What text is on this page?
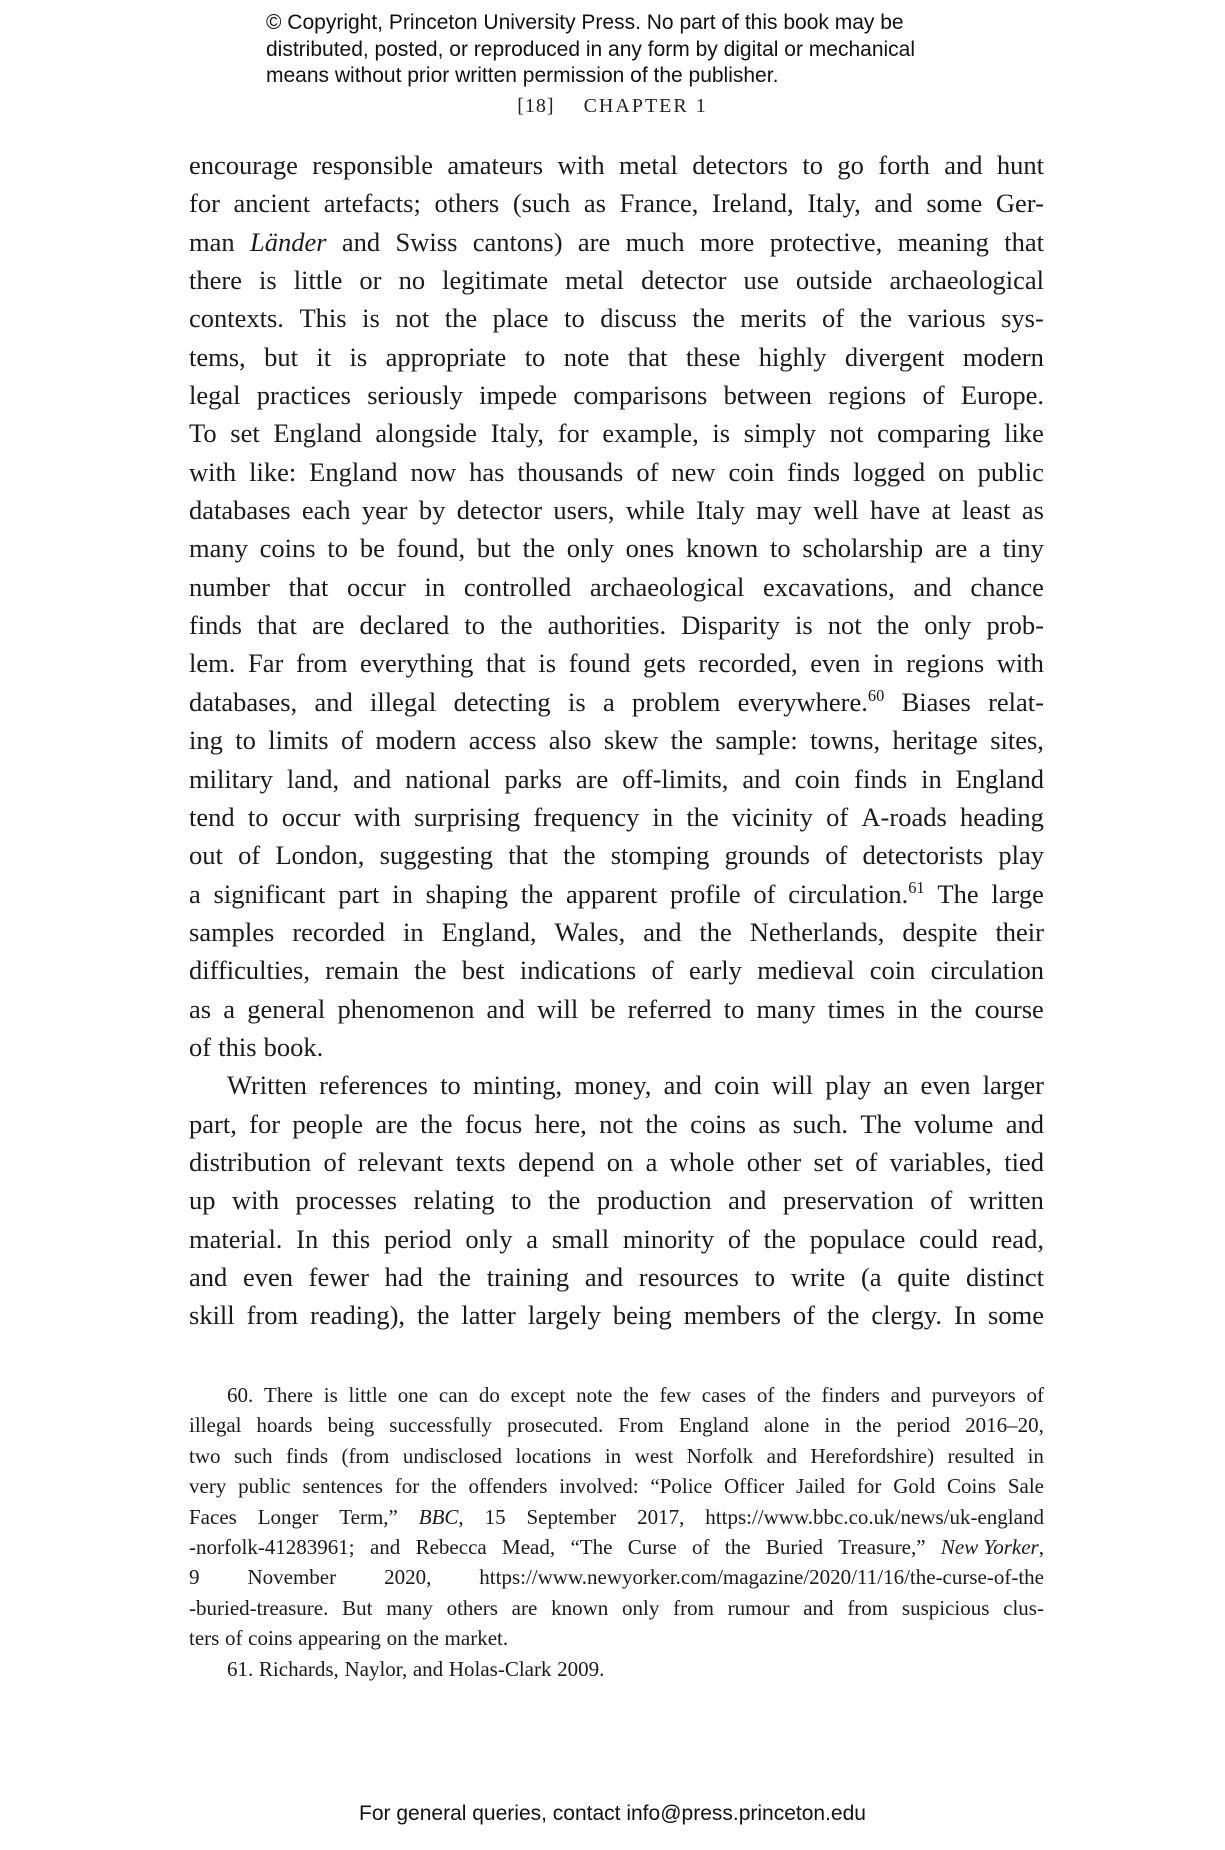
© Copyright, Princeton University Press. No part of this book may be
distributed, posted, or reproduced in any form by digital or mechanical
means without prior written permission of the publisher.
[18] CHAPTER 1
encourage responsible amateurs with metal detectors to go forth and hunt
for ancient artefacts; others (such as France, Ireland, Italy, and some Ger-
man Länder and Swiss cantons) are much more protective, meaning that
there is little or no legitimate metal detector use outside archaeological
contexts. This is not the place to discuss the merits of the various sys-
tems, but it is appropriate to note that these highly divergent modern
legal practices seriously impede comparisons between regions of Europe.
To set England alongside Italy, for example, is simply not comparing like
with like: England now has thousands of new coin finds logged on public
databases each year by detector users, while Italy may well have at least as
many coins to be found, but the only ones known to scholarship are a tiny
number that occur in controlled archaeological excavations, and chance
finds that are declared to the authorities. Disparity is not the only prob-
lem. Far from everything that is found gets recorded, even in regions with
databases, and illegal detecting is a problem everywhere.$^{60}$ Biases relat-
ing to limits of modern access also skew the sample: towns, heritage sites,
military land, and national parks are off-limits, and coin finds in England
tend to occur with surprising frequency in the vicinity of A-roads heading
out of London, suggesting that the stomping grounds of detectorists play
a significant part in shaping the apparent profile of circulation.$^{61}$ The large
samples recorded in England, Wales, and the Netherlands, despite their
difficulties, remain the best indications of early medieval coin circulation
as a general phenomenon and will be referred to many times in the course
of this book.
Written references to minting, money, and coin will play an even larger
part, for people are the focus here, not the coins as such. The volume and
distribution of relevant texts depend on a whole other set of variables, tied
up with processes relating to the production and preservation of written
material. In this period only a small minority of the populace could read,
and even fewer had the training and resources to write (a quite distinct
skill from reading), the latter largely being members of the clergy. In some
60. There is little one can do except note the few cases of the finders and purveyors of
illegal hoards being successfully prosecuted. From England alone in the period 2016–20,
two such finds (from undisclosed locations in west Norfolk and Herefordshire) resulted in
very public sentences for the offenders involved: “Police Officer Jailed for Gold Coins Sale
Faces Longer Term,” BBC, 15 September 2017, https://www.bbc.co.uk/news/uk-england
-norfolk-41283961; and Rebecca Mead, “The Curse of the Buried Treasure,” New Yorker,
9 November 2020, https://www.newyorker.com/magazine/2020/11/16/the-curse-of-the
-buried-treasure. But many others are known only from rumour and from suspicious clus-
ters of coins appearing on the market.
61. Richards, Naylor, and Holas-Clark 2009.
For general queries, contact info@press.princeton.edu
